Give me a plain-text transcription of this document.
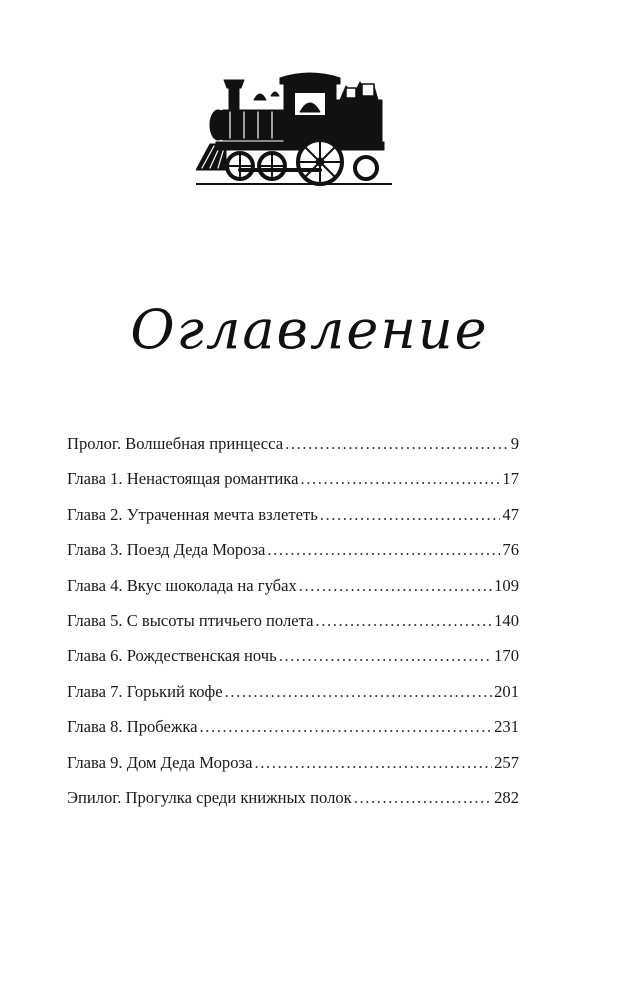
Оглавление
Пролог. Волшебная принцесса .....	9
Глава 1. Ненастоящая романтика .....	17
Глава 2. Утраченная мечта взлететь .....	47
Глава 3. Поезд Деда Мороза .....	76
Глава 4. Вкус шоколада на губах .....	109
Глава 5. С высоты птичьего полета .....	140
Глава 6. Рождественская ночь .....	170
Глава 7. Горький кофе .....	201
Глава 8. Пробежка .....	231
Глава 9. Дом Деда Мороза .....	257
Эпилог. Прогулка среди книжных полок .....	282
